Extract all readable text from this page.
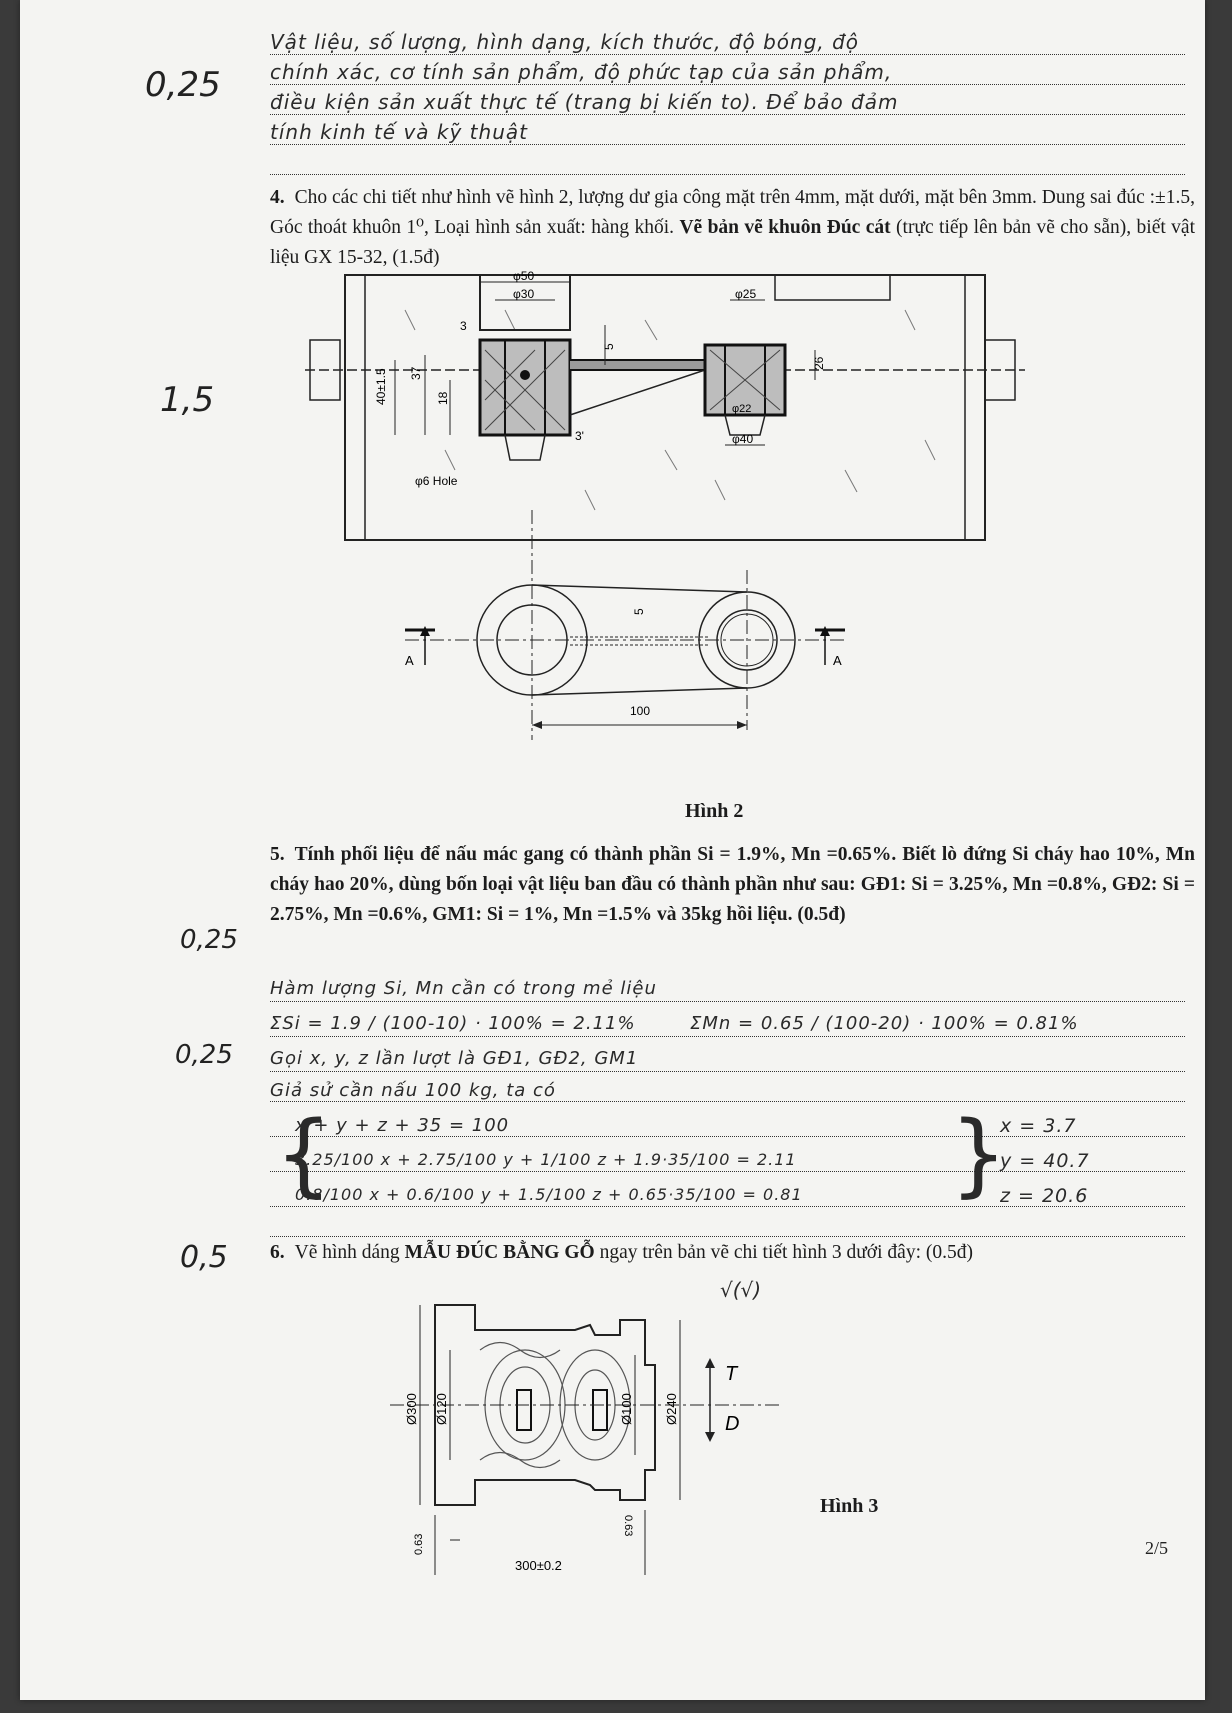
0,25
1,5
0,25
0,25
0,5
Vật liệu, số lượng, hình dạng, kích thước, độ bóng, độ
chính xác, cơ tính sản phẩm, độ phức tạp của sản phẩm,
điều kiện sản xuất thực tế (trang bị kiến to). Để bảo đảm
tính kinh tế và kỹ thuật
4. Cho các chi tiết như hình vẽ hình 2, lượng dư gia công mặt trên 4mm, mặt dưới, mặt bên 3mm. Dung sai đúc :±1.5, Góc thoát khuôn 1⁰, Loại hình sản xuất: hàng khối. Vẽ bản vẽ khuôn Đúc cát (trực tiếp lên bản vẽ cho sẵn), biết vật liệu GX 15-32, (1.5đ)
φ50
φ30	φ25
φ22
φ40
φ6 Hole
40±1.5 37
18
3
3'
5
26
5
A	A
100
Hình 2
5. Tính phối liệu để nấu mác gang có thành phần Si = 1.9%, Mn =0.65%. Biết lò đứng Si cháy hao 10%, Mn cháy hao 20%, dùng bốn loại vật liệu ban đầu có thành phần như sau: GĐ1: Si = 3.25%, Mn =0.8%, GĐ2: Si = 2.75%, Mn =0.6%, GM1: Si = 1%, Mn =1.5% và 35kg hồi liệu. (0.5đ)
Hàm lượng Si, Mn cần có trong mẻ liệu
ΣSi = 1.9 / (100-10) · 100% = 2.11%	ΣMn = 0.65 / (100-20) · 100% = 0.81%
Gọi x, y, z lần lượt là GĐ1, GĐ2, GM1
Giả sử cần nấu 100 kg, ta có
x + y + z + 35 = 100
3.25/100 x + 2.75/100 y + 1/100 z + 1.9·35/100 = 2.11
0.8/100 x + 0.6/100 y + 1.5/100 z + 0.65·35/100 = 0.81
x = 3.7
y = 40.7
z = 20.6
{	}
6. Vẽ hình dáng MẪU ĐÚC BẰNG GỖ ngay trên bản vẽ chi tiết hình 3 dưới đây: (0.5đ)
√(√)
Ø300 Ø120	Ø100 Ø240
0.63
0.63
300±0.2
T
D
Hình 3
2/5
